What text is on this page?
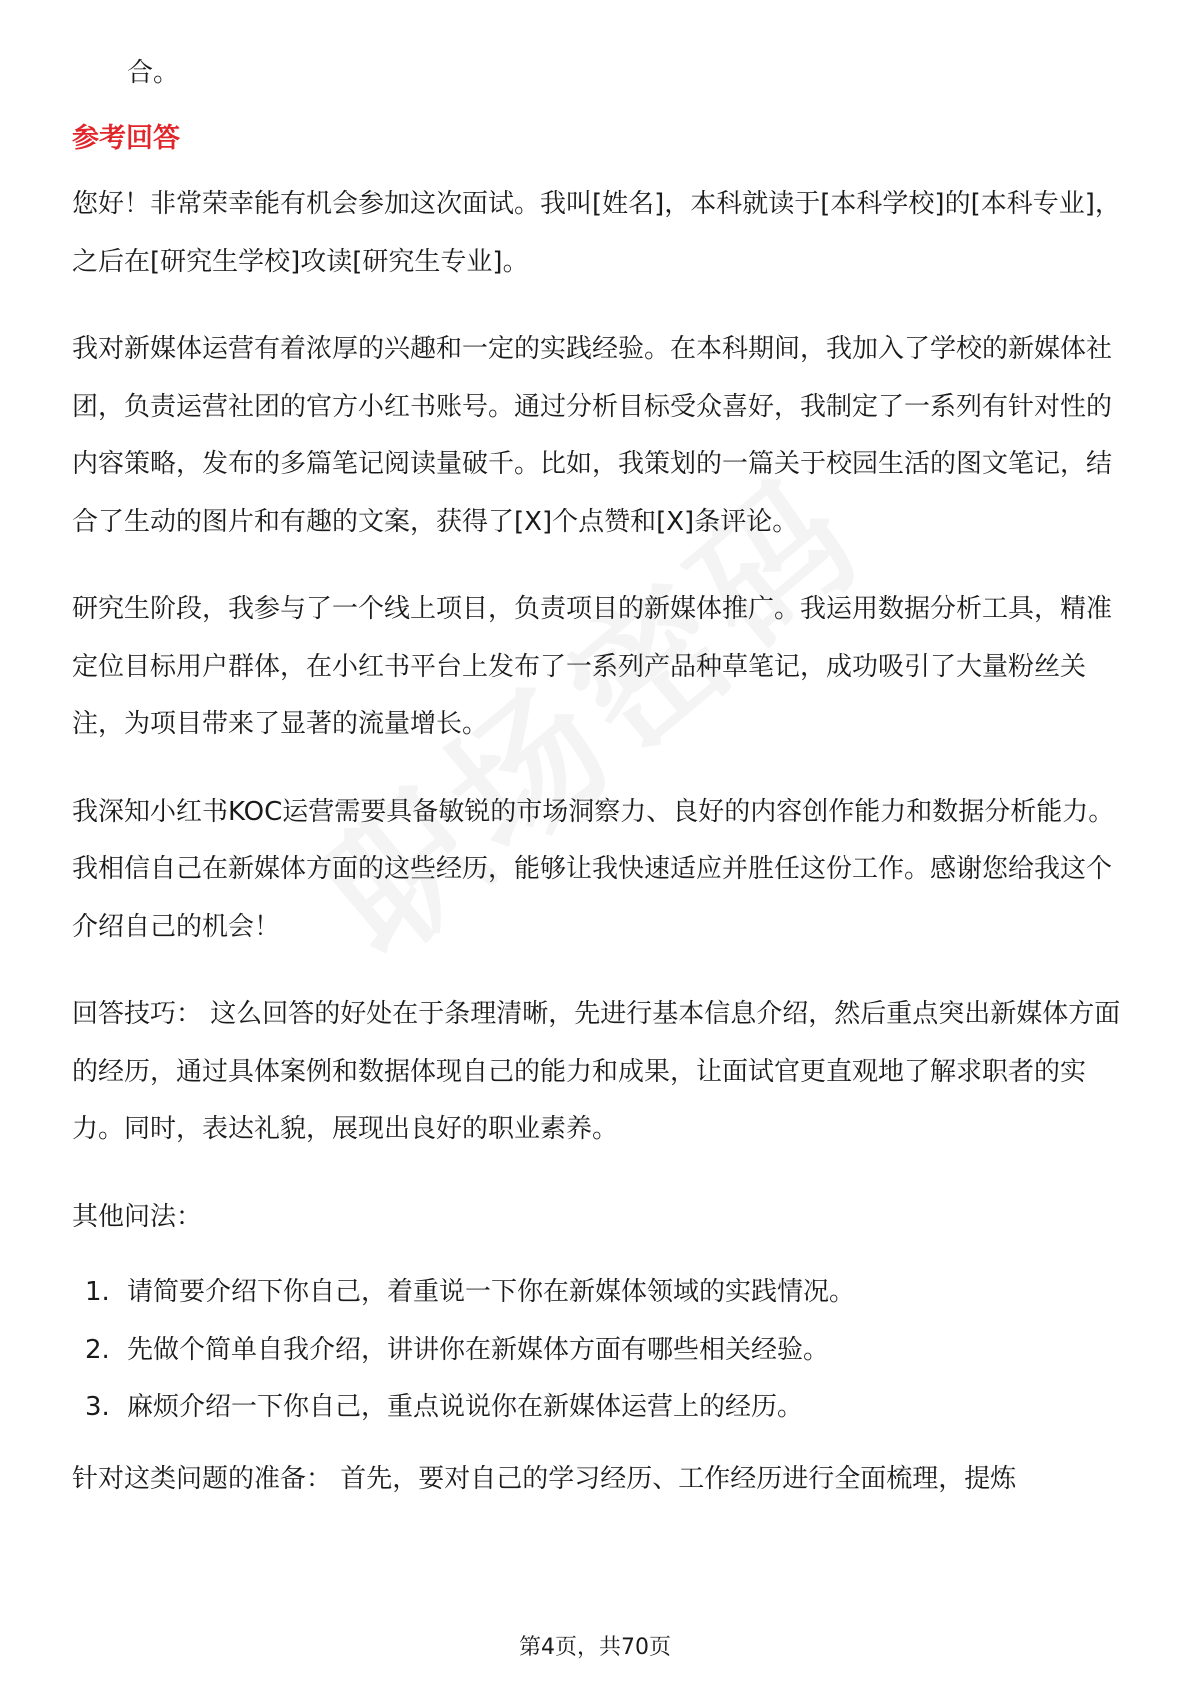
合。

参考回答

您好！非常荣幸能有机会参加这次面试。我叫[姓名]，本科就读于[本科学校]的[本科专业]，之后在[研究生学校]攻读[研究生专业]。

我对新媒体运营有着浓厚的兴趣和一定的实践经验。在本科期间，我加入了学校的新媒体社团，负责运营社团的官方小红书账号。通过分析目标受众喜好，我制定了一系列有针对性的内容策略，发布的多篇笔记阅读量破千。比如，我策划的一篇关于校园生活的图文笔记，结合了生动的图片和有趣的文案，获得了[X]个点赞和[X]条评论。

研究生阶段，我参与了一个线上项目，负责项目的新媒体推广。我运用数据分析工具，精准定位目标用户群体，在小红书平台上发布了一系列产品种草笔记，成功吸引了大量粉丝关注，为项目带来了显著的流量增长。

我深知小红书KOC运营需要具备敏锐的市场洞察力、良好的内容创作能力和数据分析能力。我相信自己在新媒体方面的这些经历，能够让我快速适应并胜任这份工作。感谢您给我这个介绍自己的机会！

回答技巧： 这么回答的好处在于条理清晰，先进行基本信息介绍，然后重点突出新媒体方面的经历，通过具体案例和数据体现自己的能力和成果，让面试官更直观地了解求职者的实力。同时，表达礼貌，展现出良好的职业素养。

其他问法：

1. 请简要介绍下你自己，着重说一下你在新媒体领域的实践情况。
2. 先做个简单自我介绍，讲讲你在新媒体方面有哪些相关经验。
3. 麻烦介绍一下你自己，重点说说你在新媒体运营上的经历。

针对这类问题的准备： 首先，要对自己的学习经历、工作经历进行全面梳理，提炼

第4页，共70页
